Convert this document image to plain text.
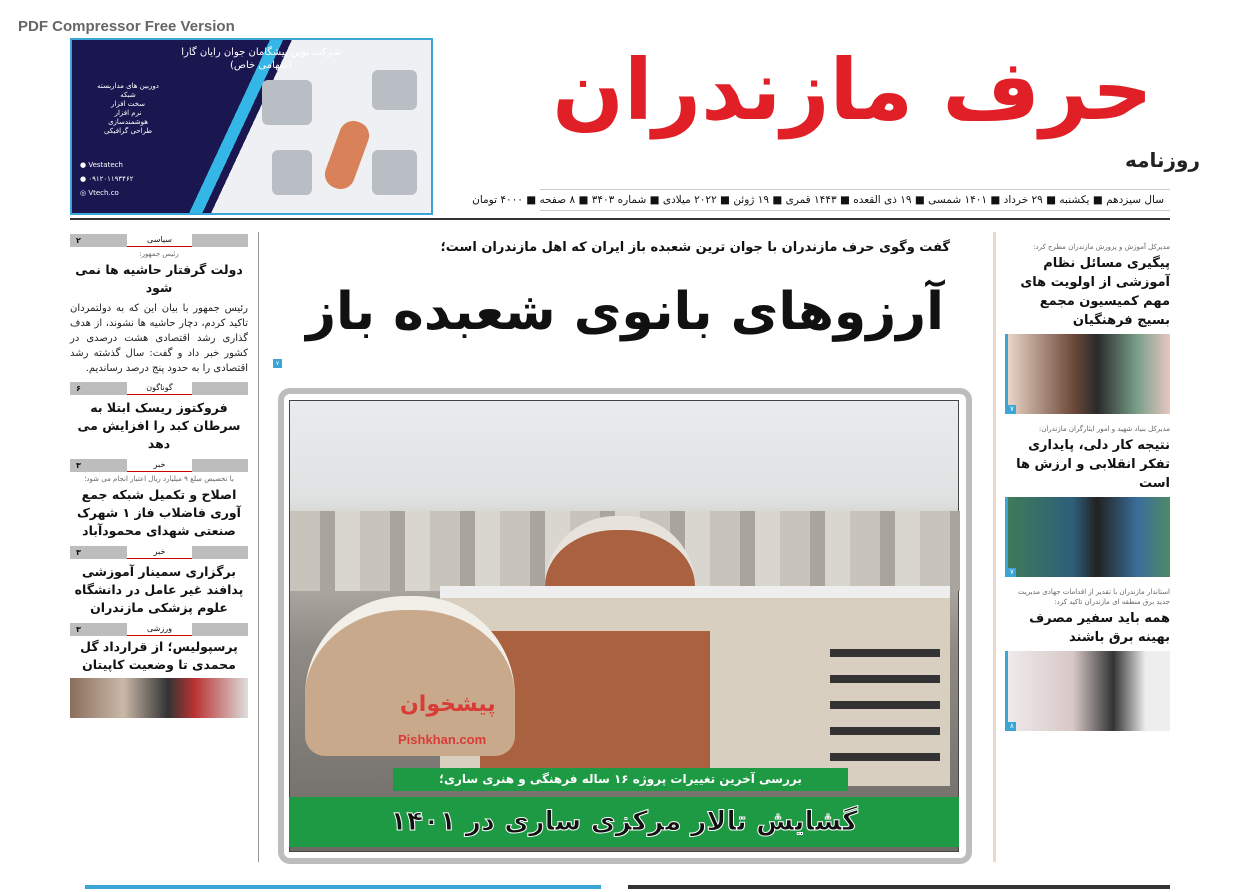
PDF Compressor Free Version
شرکت نوین پیشگامان جوان رایان گارا
(سهامی خاص)
دوربین های مداربسته
شبکه
سخت افزار
نرم افزار
هوشمندسازی
طراحی گرافیکی
● Vestatech
● ۰۹۱۲۰۱۱۹۳۴۶۲
◎ Vtech.co
حرف مازندران
روزنامه
سال سیزدهم ■ یکشنبه ■ ۲۹ خرداد ■ ۱۴۰۱ شمسی ■ ۱۹ ذی القعده ■ ۱۴۴۳ قمری ■ ۱۹ ژوئن ■ ۲۰۲۲ میلادی ■ شماره ۳۴۰۳ ■ ۸ صفحه ■ ۴۰۰۰ تومان
سیاسی
۲
رئیس جمهور:
دولت گرفتار حاشیه ها نمی شود
رئیس جمهور با بیان این که به دولتمردان تاکید کردم، دچار حاشیه ها نشوند، از هدف گذاری رشد اقتصادی هشت درصدی در کشور خبر داد و گفت: سال گذشته رشد اقتصادی را به حدود پنج درصد رساندیم.
گوناگون
۶
فروکتوز ریسک ابتلا به سرطان کبد را افزایش می دهد
خبر
۳
با تخصیص مبلغ ۹ میلیارد ریال اعتبار انجام می شود؛
اصلاح و تکمیل شبکه جمع آوری فاضلاب فاز ۱ شهرک صنعتی شهدای محمودآباد
خبر
۳
برگزاری سمینار آموزشی پدافند غیر عامل در دانشگاه علوم پزشکی مازندران
ورزشی
۳
پرسپولیس؛ از قرارداد گل محمدی تا وضعیت کاپیتان
گفت وگوی حرف مازندران با جوان ترین شعبده باز ایران که اهل مازندران است؛
آرزوهای بانوی شعبده باز
۷
پیشخوان
Pishkhan.com
بررسی آخرین تغییرات پروژه ۱۶ ساله فرهنگی و هنری ساری؛
گشایش تالار مرکزی ساری در ۱۴۰۱
مدیرکل آموزش و پرورش مازندران مطرح کرد:
پیگیری مسائل نظام آموزشی از اولویت های مهم کمیسیون مجمع بسیج فرهنگیان
۷
مدیرکل بنیاد شهید و امور ایثارگران مازندران:
نتیجه کار دلی، پایداری تفکر انقلابی و ارزش ها است
۷
استاندار مازندران با تقدیر از اقدامات جهادی مدیریت جدید برق منطقه ای مازندران تاکید کرد:
همه باید سفیر مصرف بهینه برق باشند
۸
